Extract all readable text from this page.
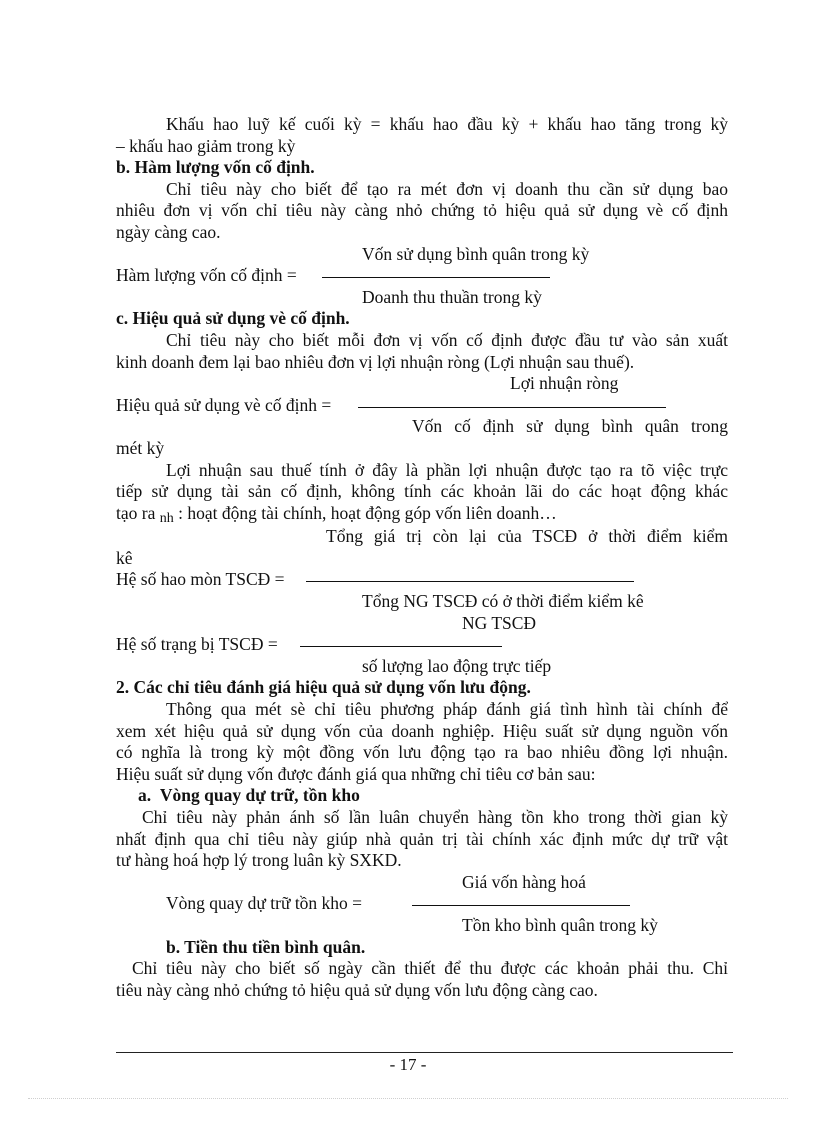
Khấu hao luỹ kế cuối kỳ = khấu hao đầu kỳ + khấu hao tăng trong kỳ
– khấu hao giảm trong kỳ
b. Hàm lượng vốn cố định.
Chỉ tiêu này cho biết để tạo ra mét đơn vị doanh thu cần sử dụng bao
nhiêu đơn vị vốn chỉ tiêu này càng nhỏ chứng tỏ hiệu quả sử dụng vè cố định
ngày càng cao.
Vốn sử dụng bình quân trong kỳ
Hàm lượng vốn cố định =
Doanh thu thuần trong kỳ
c. Hiệu quả sử dụng vè cố định.
Chỉ tiêu này cho biết mỗi đơn vị vốn cố định được đầu tư vào sản xuất
kinh doanh đem lại bao nhiêu đơn vị lợi nhuận ròng (Lợi nhuận sau thuế).
Lợi nhuận ròng
Hiệu quả sử dụng vè cố định =
Vốn cố định sử dụng bình quân trong
mét kỳ
Lợi nhuận sau thuế tính ở đây là phần lợi nhuận được tạo ra tõ việc trực
tiếp sử dụng tài sản cố định, không tính các khoản lãi do các hoạt động khác
tạo ra nh : hoạt động tài chính, hoạt động góp vốn liên doanh…
Tổng giá trị còn lại của TSCĐ ở thời điểm kiểm
kê
Hệ số hao mòn TSCĐ =
Tổng NG TSCĐ có ở thời điểm kiểm kê
NG TSCĐ
Hệ số trạng bị TSCĐ =
số lượng lao động trực tiếp
2. Các chỉ tiêu đánh giá hiệu quả sử dụng vốn lưu động.
Thông qua mét sè chỉ tiêu phương pháp đánh giá tình hình tài chính để
xem xét hiệu quả sử dụng vốn của doanh nghiệp. Hiệu suất sử dụng nguồn vốn
có nghĩa là trong kỳ một đồng vốn lưu động tạo ra bao nhiêu đồng lợi nhuận.
Hiệu suất sử dụng vốn được đánh giá qua những chỉ tiêu cơ bản sau:
a. Vòng quay dự trữ, tồn kho
Chỉ tiêu này phản ánh số lần luân chuyển hàng tồn kho trong thời gian kỳ
nhất định qua chỉ tiêu này giúp nhà quản trị tài chính xác định mức dự trữ vật
tư hàng hoá hợp lý trong luân kỳ SXKD.
Giá vốn hàng hoá
Vòng quay dự trữ tồn kho =
Tồn kho bình quân trong kỳ
b. Tiền thu tiền bình quân.
Chỉ tiêu này cho biết số ngày cần thiết để thu được các khoản phải thu. Chỉ
tiêu này càng nhỏ chứng tỏ hiệu quả sử dụng vốn lưu động càng cao.
- 17 -
